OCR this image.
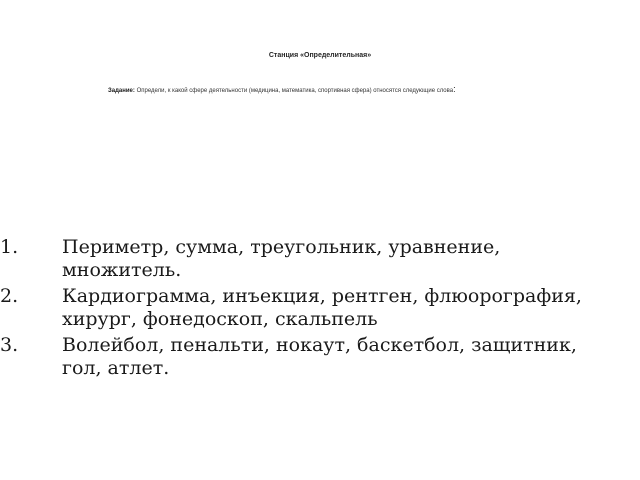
Станция «Определительная»
Задание: Определи, к какой сфере деятельности (медицина, математика, спортивная сфера) относятся следующие слова:
1. Периметр, сумма, треугольник, уравнение, множитель.
2. Кардиограмма, инъекция, рентген, флюорография, хирург, фонедоскоп, скальпель
3. Волейбол, пенальти, нокаут, баскетбол, защитник, гол, атлет.
